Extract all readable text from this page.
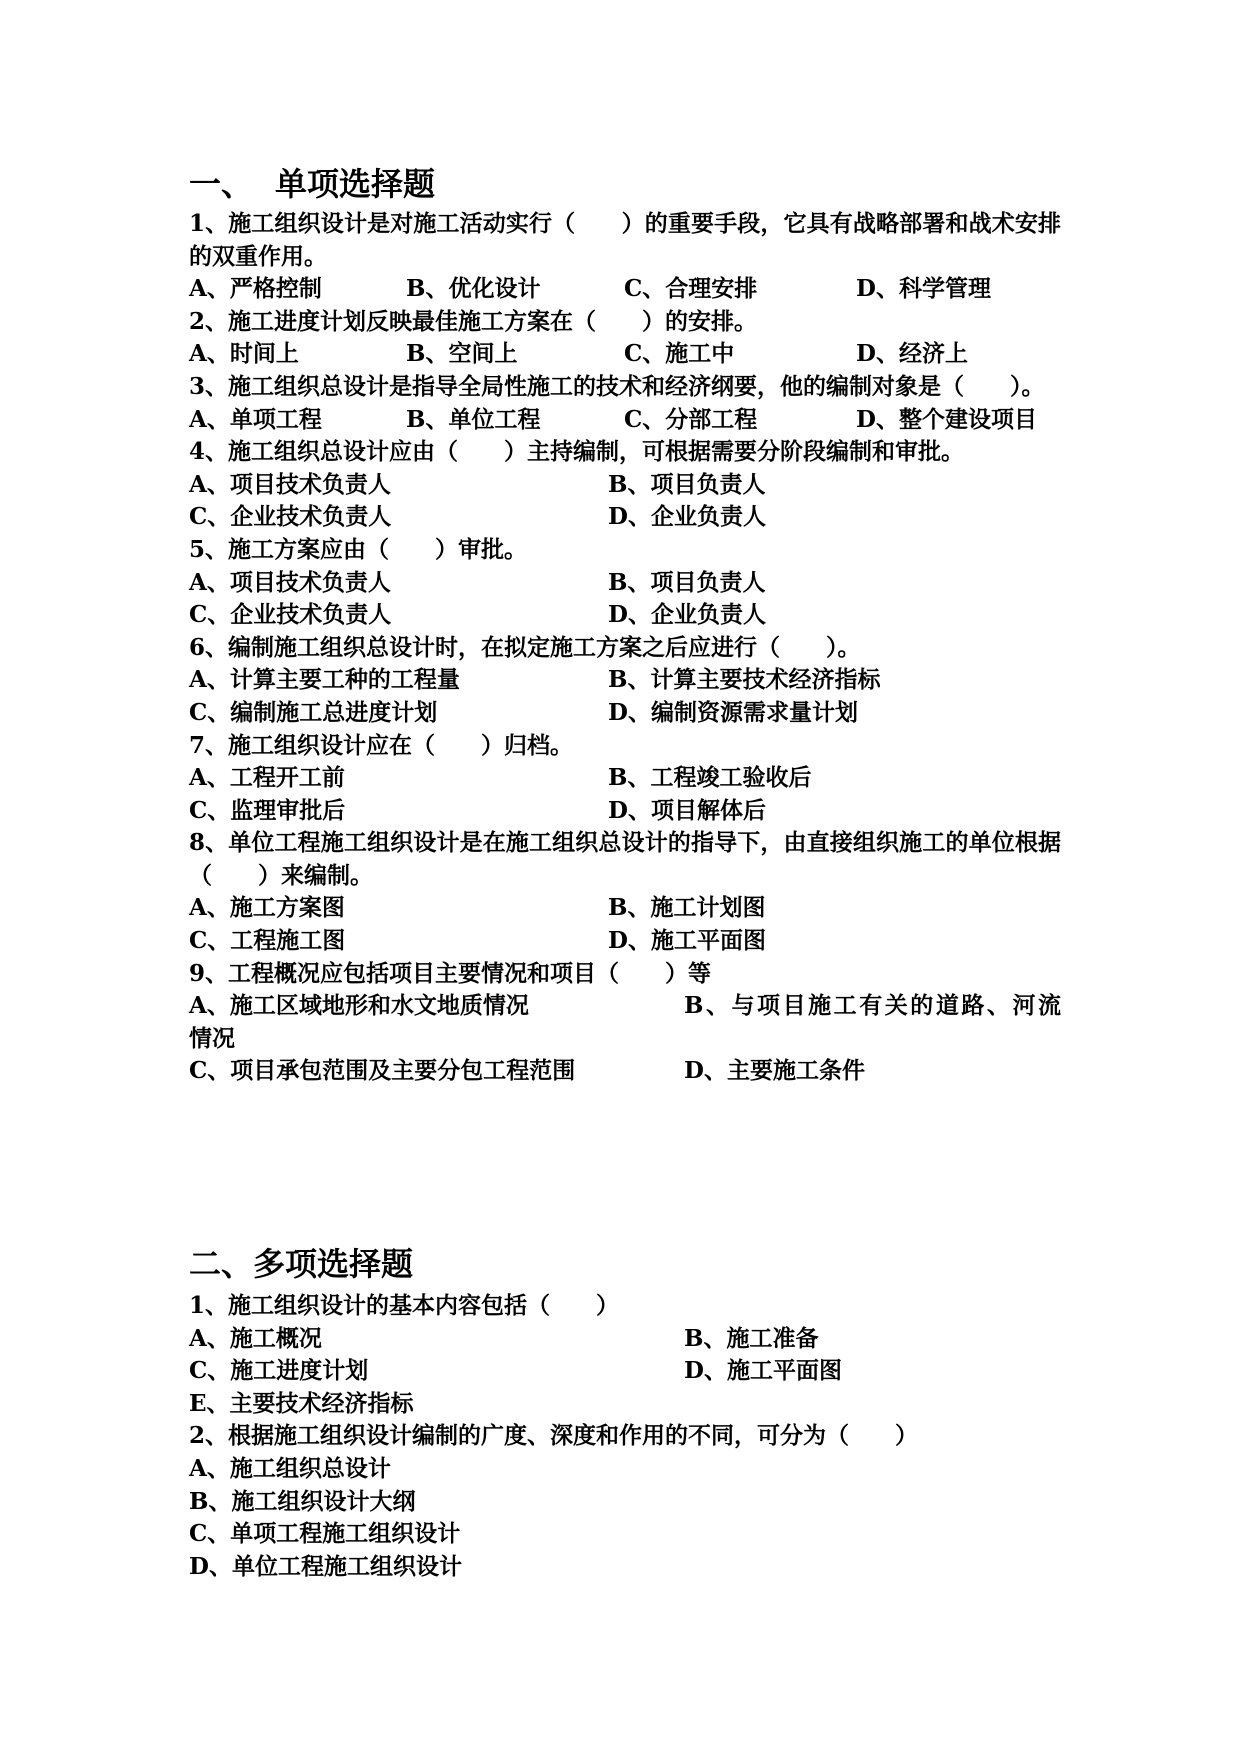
一、 单项选择题
1、施工组织设计是对施工活动实行（　　）的重要手段，它具有战略部署和战术安排的双重作用。
A、严格控制	B、优化设计	C、合理安排	D、科学管理
2、施工进度计划反映最佳施工方案在（　　）的安排。
A、时间上	B、空间上	C、施工中	D、经济上
3、施工组织总设计是指导全局性施工的技术和经济纲要，他的编制对象是（　　）。
A、单项工程	B、单位工程	C、分部工程	D、整个建设项目
4、施工组织总设计应由（　　）主持编制，可根据需要分阶段编制和审批。
A、项目技术负责人	B、项目负责人
C、企业技术负责人	D、企业负责人
5、施工方案应由（　　）审批。
A、项目技术负责人	B、项目负责人
C、企业技术负责人	D、企业负责人
6、编制施工组织总设计时，在拟定施工方案之后应进行（　　）。
A、计算主要工种的工程量	B、计算主要技术经济指标
C、编制施工总进度计划	D、编制资源需求量计划
7、施工组织设计应在（　　）归档。
A、工程开工前	B、工程竣工验收后
C、监理审批后	D、项目解体后
8、单位工程施工组织设计是在施工组织总设计的指导下，由直接组织施工的单位根据　（　　）来编制。
A、施工方案图	B、施工计划图
C、工程施工图	D、施工平面图
9、工程概况应包括项目主要情况和项目（　　）等
A、施工区域地形和水文地质情况	B、与项目施工有关的道路、河流
情况
C、项目承包范围及主要分包工程范围	D、主要施工条件
二、多项选择题
1、施工组织设计的基本内容包括（　　）
A、施工概况	B、施工准备
C、施工进度计划	D、施工平面图
E、主要技术经济指标
2、根据施工组织设计编制的广度、深度和作用的不同，可分为（　　）
A、施工组织总设计
B、施工组织设计大纲
C、单项工程施工组织设计
D、单位工程施工组织设计
